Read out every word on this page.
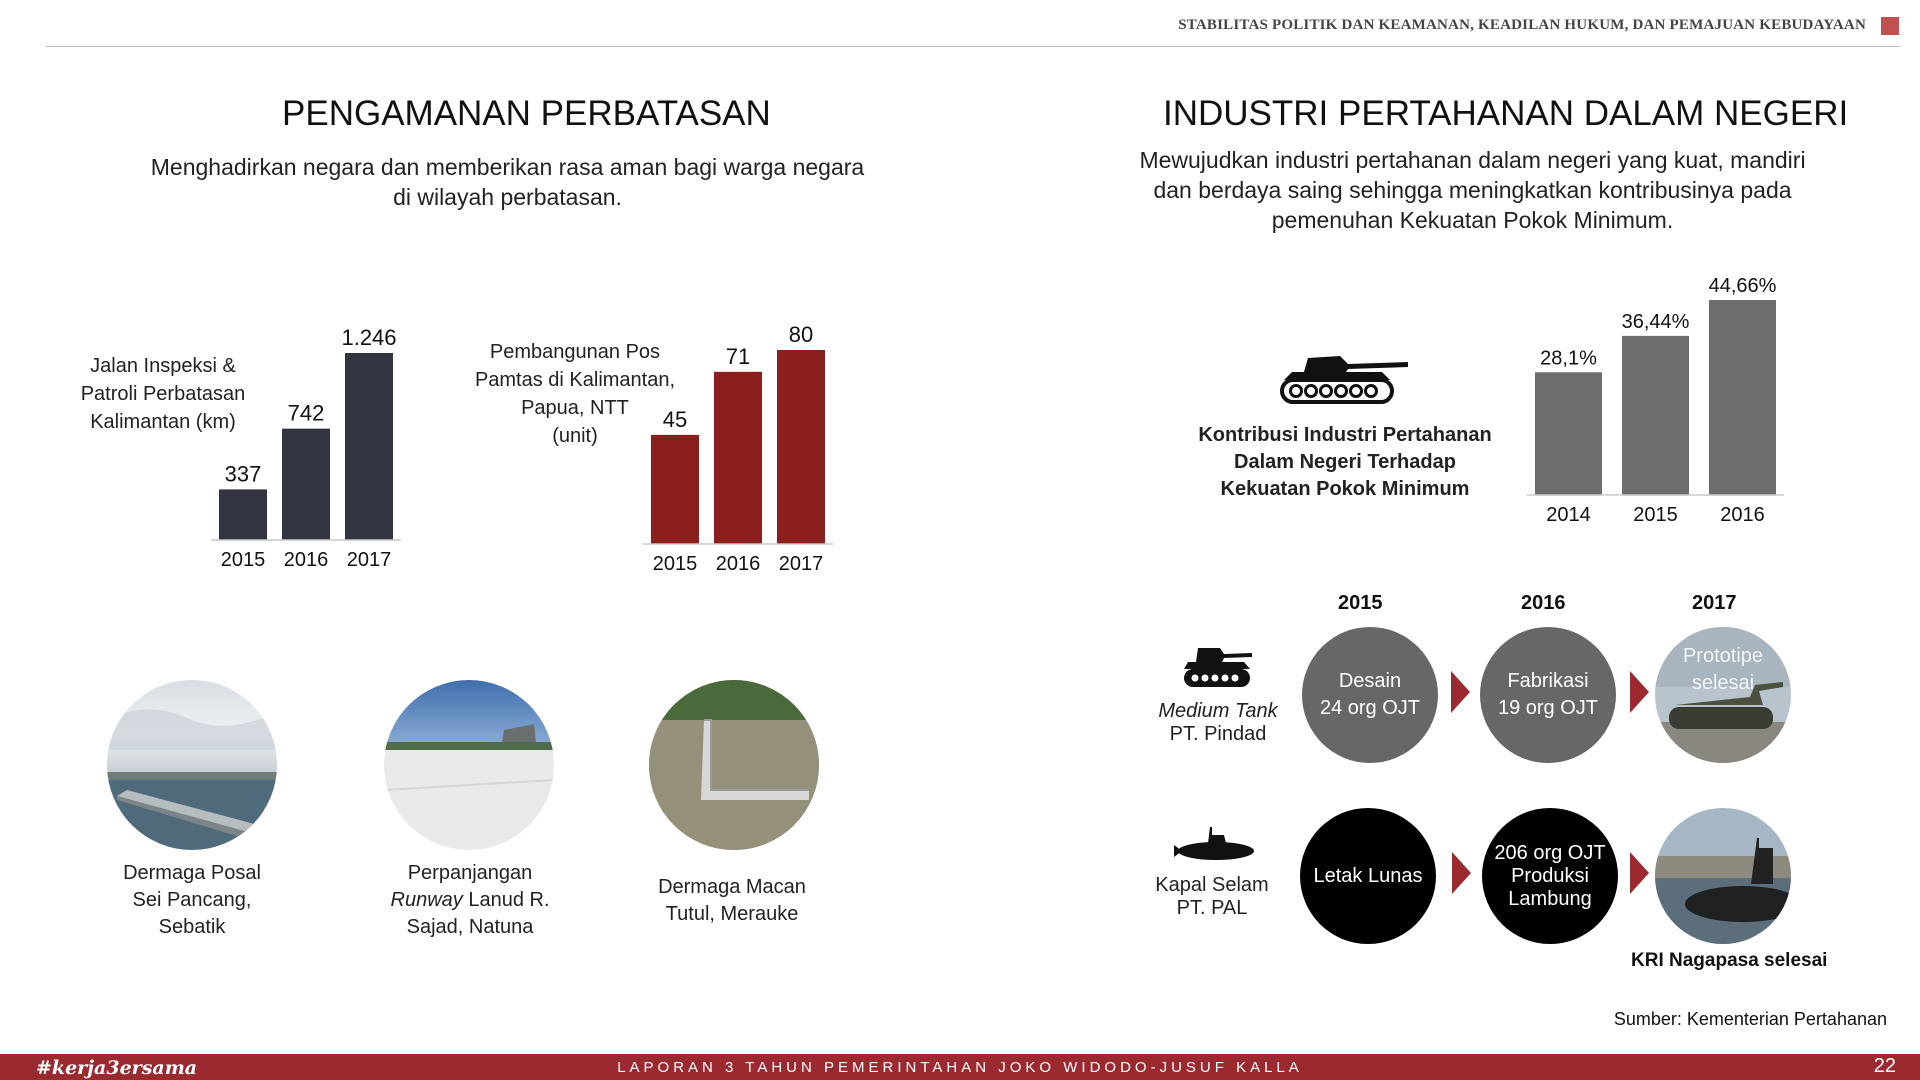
STABILITAS POLITIK DAN KEAMANAN, KEADILAN HUKUM, DAN PEMAJUAN KEBUDAYAAN
PENGAMANAN PERBATASAN
Menghadirkan negara dan memberikan rasa aman bagi warga negara
di wilayah perbatasan.
Jalan Inspeksi &
Patroli Perbatasan
Kalimantan (km)
337
2015
742
2016
1.246
2017
Pembangunan Pos
Pamtas di Kalimantan,
Papua, NTT
(unit)
45
2015
71
2016
80
2017
Dermaga Posal
Sei Pancang,
Sebatik
Perpanjangan
Runway Lanud R.
Sajad, Natuna
Dermaga Macan
Tutul, Merauke
INDUSTRI PERTAHANAN DALAM NEGERI
Mewujudkan industri pertahanan dalam negeri yang kuat, mandiri
dan berdaya saing sehingga meningkatkan kontribusinya pada
pemenuhan Kekuatan Pokok Minimum.
Kontribusi Industri Pertahanan
Dalam Negeri Terhadap
Kekuatan Pokok Minimum
28,1%
2014
36,44%
2015
44,66%
2016
2015	2016	2017
Medium Tank
PT. Pindad
Desain
24 org OJT
Fabrikasi
19 org OJT
Prototipe
selesai
Kapal Selam
PT. PAL
Letak Lunas
206 org OJT
Produksi
Lambung
KRI Nagapasa selesai
Sumber: Kementerian Pertahanan
#kerja3ersama	LAPORAN 3 TAHUN PEMERINTAHAN JOKO WIDODO-JUSUF KALLA	22
